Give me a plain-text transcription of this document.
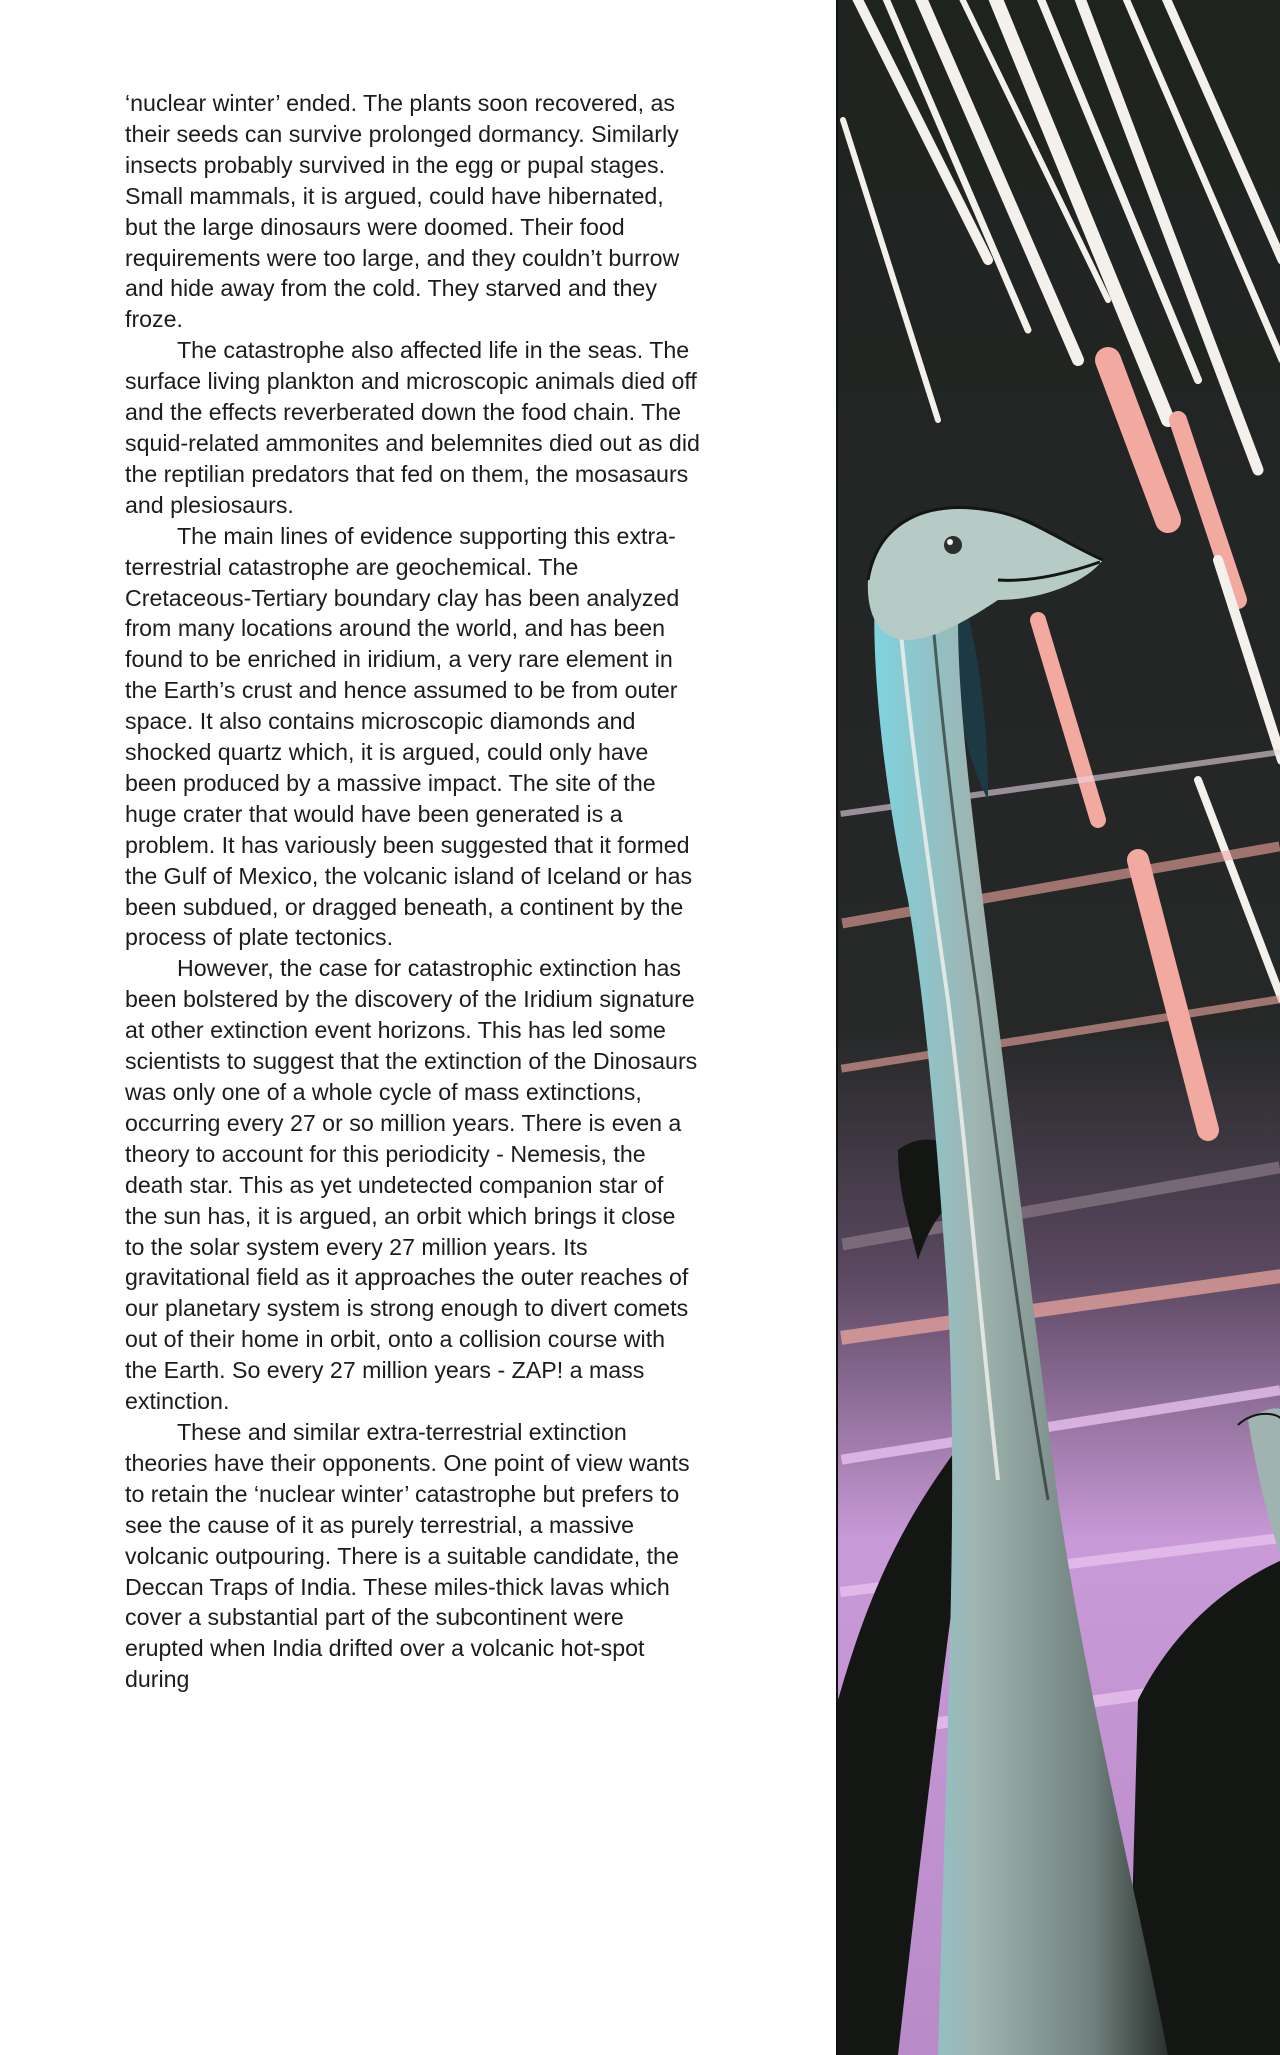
‘nuclear winter’ ended. The plants soon recovered, as their seeds can survive prolonged dormancy. Similarly insects probably survived in the egg or pupal stages. Small mammals, it is argued, could have hibernated, but the large dinosaurs were doomed. Their food requirements were too large, and they couldn’t burrow and hide away from the cold. They starved and they froze.

The catastrophe also affected life in the seas. The surface living plankton and microscopic animals died off and the effects reverberated down the food chain. The squid-related ammonites and belemnites died out as did the reptilian predators that fed on them, the mosasaurs and plesiosaurs.

The main lines of evidence supporting this extra-terrestrial catastrophe are geochemical. The Cretaceous-Tertiary boundary clay has been analyzed from many locations around the world, and has been found to be enriched in iridium, a very rare element in the Earth’s crust and hence assumed to be from outer space. It also contains microscopic diamonds and shocked quartz which, it is argued, could only have been produced by a massive impact. The site of the huge crater that would have been generated is a problem. It has variously been suggested that it formed the Gulf of Mexico, the volcanic island of Iceland or has been subdued, or dragged beneath, a continent by the process of plate tectonics.

However, the case for catastrophic extinction has been bolstered by the discovery of the Iridium signature at other extinction event horizons. This has led some scientists to suggest that the extinction of the Dinosaurs was only one of a whole cycle of mass extinctions, occurring every 27 or so million years. There is even a theory to account for this periodicity - Nemesis, the death star. This as yet undetected companion star of the sun has, it is argued, an orbit which brings it close to the solar system every 27 million years. Its gravitational field as it approaches the outer reaches of our planetary system is strong enough to divert comets out of their home in orbit, onto a collision course with the Earth. So every 27 million years - ZAP! a mass extinction.

These and similar extra-terrestrial extinction theories have their opponents. One point of view wants to retain the ‘nuclear winter’ catastrophe but prefers to see the cause of it as purely terrestrial, a massive volcanic outpouring. There is a suitable candidate, the Deccan Traps of India. These miles-thick lavas which cover a substantial part of the subcontinent were erupted when India drifted over a volcanic hot-spot during
